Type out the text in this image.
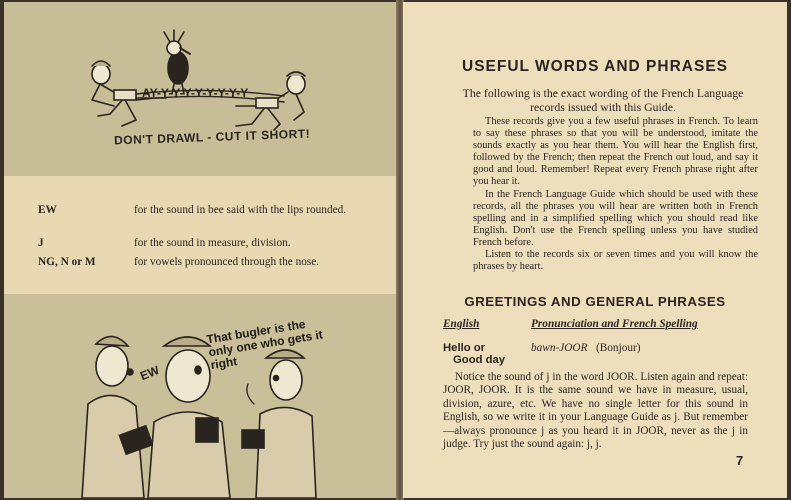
AY-Y-Y-Y-Y-Y-Y-Y-Y
DON'T DRAWL - CUT IT SHORT!
EW	for the sound in bee said with the lips rounded.
J	for the sound in measure, division.
NG, N or M	for vowels pronounced through the nose.
That bugler is the only one who gets it right
EW
USEFUL WORDS AND PHRASES
The following is the exact wording of the French Language records issued with this Guide.

These records give you a few useful phrases in French. To learn to say these phrases so that you will be understood, imitate the sounds exactly as you hear them. You will hear the English first, followed by the French; then repeat the French out loud, and say it good and loud. Remember! Repeat every French phrase right after you hear it.

In the French Language Guide which should be used with these records, all the phrases you will hear are written both in French spelling and in a simplified spelling which you should read like English. Don't use the French spelling unless you have studied French before.

Listen to the records six or seven times and you will know the phrases by heart.

GREETINGS AND GENERAL PHRASES
English	Pronunciation and French Spelling
Hello or
Good day
bawn-JOOR (Bonjour)

Notice the sound of j in the word JOOR. Listen again and repeat: JOOR, JOOR. It is the same sound we have in measure, usual, division, azure, etc. We have no single letter for this sound in English, so we write it in your Language Guide as j. But remember—always pronounce j as you heard it in JOOR, never as the j in judge. Try just the sound again: j, j.

7
